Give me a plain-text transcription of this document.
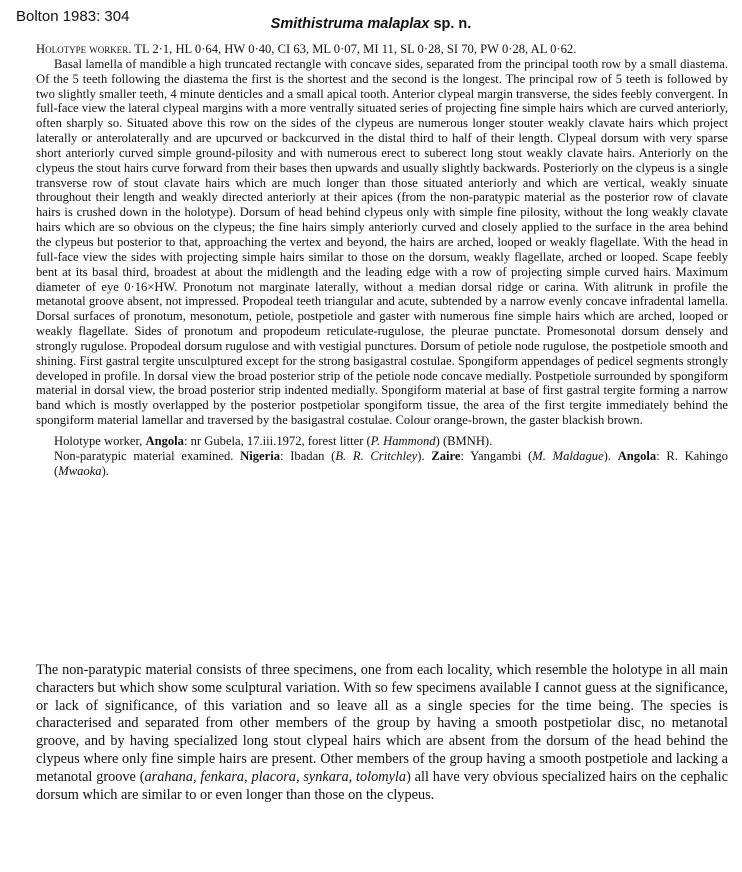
Bolton 1983: 304	Smithistruma malaplax sp. n.

Holotype worker. TL 2·1, HL 0·64, HW 0·40, CI 63, ML 0·07, MI 11, SL 0·28, SI 70, PW 0·28, AL 0·62.

Basal lamella of mandible a high truncated rectangle with concave sides, separated from the principal tooth row by a small diastema. Of the 5 teeth following the diastema the first is the shortest and the second is the longest. The principal row of 5 teeth is followed by two slightly smaller teeth, 4 minute denticles and a small apical tooth. Anterior clypeal margin transverse, the sides feebly convergent. In full-face view the lateral clypeal margins with a more ventrally situated series of projecting fine simple hairs which are curved anteriorly, often sharply so. Situated above this row on the sides of the clypeus are numerous longer stouter weakly clavate hairs which project laterally or anterolaterally and are upcurved or backcurved in the distal third to half of their length. Clypeal dorsum with very sparse short anteriorly curved simple ground-pilosity and with numerous erect to suberect long stout weakly clavate hairs. Anteriorly on the clypeus the stout hairs curve forward from their bases then upwards and usually slightly backwards. Posteriorly on the clypeus is a single transverse row of stout clavate hairs which are much longer than those situated anteriorly and which are vertical, weakly sinuate throughout their length and weakly directed anteriorly at their apices (from the non-paratypic material as the posterior row of clavate hairs is crushed down in the holotype). Dorsum of head behind clypeus only with simple fine pilosity, without the long weakly clavate hairs which are so obvious on the clypeus; the fine hairs simply anteriorly curved and closely applied to the surface in the area behind the clypeus but posterior to that, approaching the vertex and beyond, the hairs are arched, looped or weakly flagellate. With the head in full-face view the sides with projecting simple hairs similar to those on the dorsum, weakly flagellate, arched or looped. Scape feebly bent at its basal third, broadest at about the midlength and the leading edge with a row of projecting simple curved hairs. Maximum diameter of eye 0·16×HW. Pronotum not marginate laterally, without a median dorsal ridge or carina. With alitrunk in profile the metanotal groove absent, not impressed. Propodeal teeth triangular and acute, subtended by a narrow evenly concave infradental lamella. Dorsal surfaces of pronotum, mesonotum, petiole, postpetiole and gaster with numerous fine simple hairs which are arched, looped or weakly flagellate. Sides of pronotum and propodeum reticulate-rugulose, the pleurae punctate. Promesonotal dorsum densely and strongly rugulose. Propodeal dorsum rugulose and with vestigial punctures. Dorsum of petiole node rugulose, the postpetiole smooth and shining. First gastral tergite unsculptured except for the strong basigastral costulae. Spongiform appendages of pedicel segments strongly developed in profile. In dorsal view the broad posterior strip of the petiole node concave medially. Postpetiole surrounded by spongiform material in dorsal view, the broad posterior strip indented medially. Spongiform material at base of first gastral tergite forming a narrow band which is mostly overlapped by the posterior postpetiolar spongiform tissue, the area of the first tergite immediately behind the spongiform material lamellar and traversed by the basigastral costulae. Colour orange-brown, the gaster blackish brown.

Holotype worker, Angola: nr Gubela, 17.iii.1972, forest litter (P. Hammond) (BMNH).

Non-paratypic material examined. Nigeria: Ibadan (B. R. Critchley). Zaire: Yangambi (M. Maldague). Angola: R. Kahingo (Mwaoka).

The non-paratypic material consists of three specimens, one from each locality, which resemble the holotype in all main characters but which show some sculptural variation. With so few specimens available I cannot guess at the significance, or lack of significance, of this variation and so leave all as a single species for the time being. The species is characterised and separated from other members of the group by having a smooth postpetiolar disc, no metanotal groove, and by having specialized long stout clypeal hairs which are absent from the dorsum of the head behind the clypeus where only fine simple hairs are present. Other members of the group having a smooth postpetiole and lacking a metanotal groove (arahana, fenkara, placora, synkara, tolomyla) all have very obvious specialized hairs on the cephalic dorsum which are similar to or even longer than those on the clypeus.
